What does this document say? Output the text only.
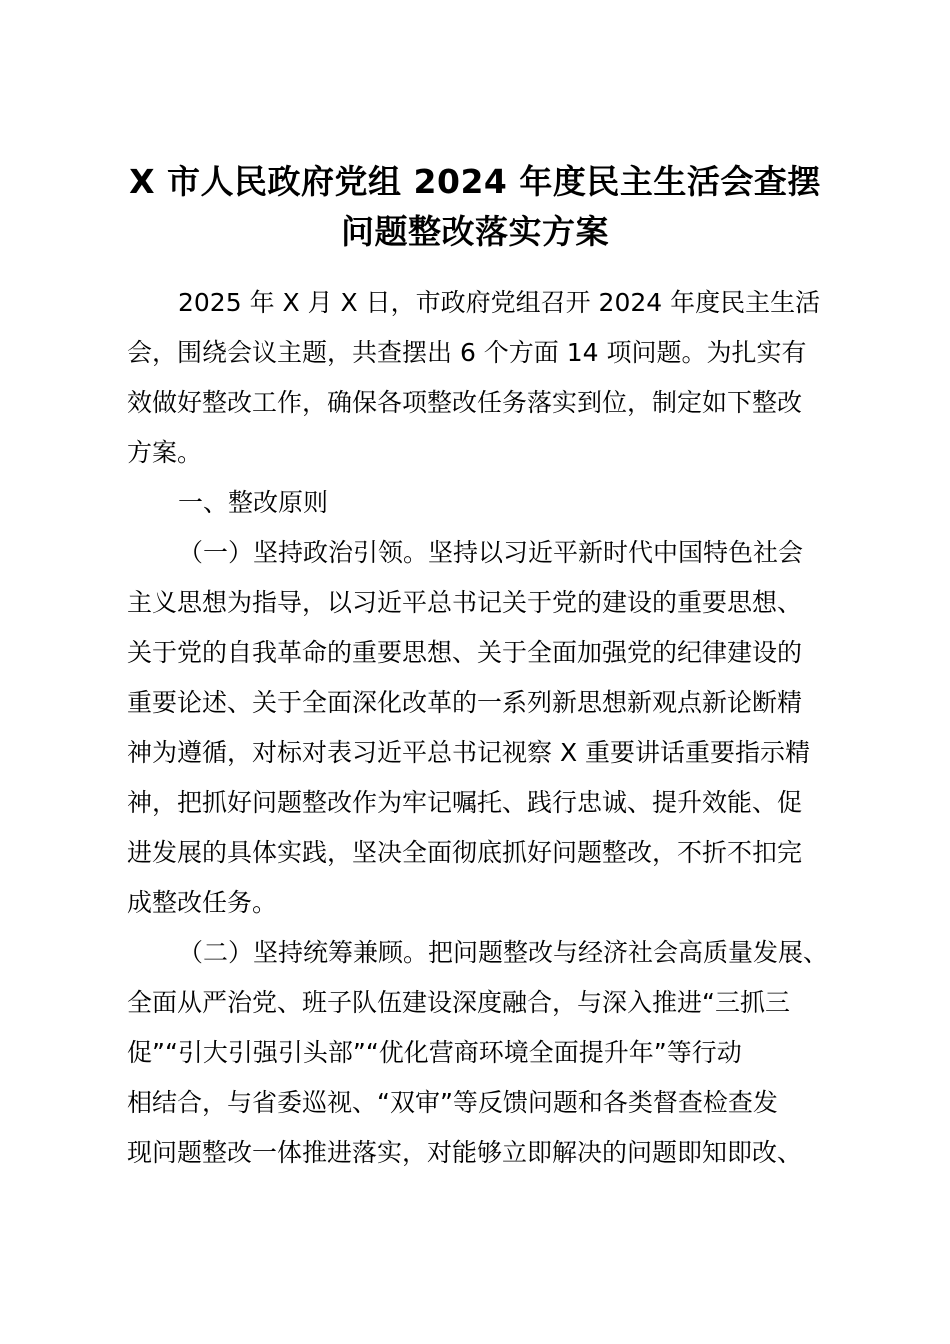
X 市人民政府党组 2024 年度民主生活会查摆
问题整改落实方案

2025 年 X 月 X 日，市政府党组召开 2024 年度民主生活

会，围绕会议主题，共查摆出 6 个方面 14 项问题。为扎实有

效做好整改工作，确保各项整改任务落实到位，制定如下整改

方案。

一、整改原则

（一）坚持政治引领。坚持以习近平新时代中国特色社会

主义思想为指导，以习近平总书记关于党的建设的重要思想、

关于党的自我革命的重要思想、关于全面加强党的纪律建设的

重要论述、关于全面深化改革的一系列新思想新观点新论断精

神为遵循，对标对表习近平总书记视察 X 重要讲话重要指示精

神，把抓好问题整改作为牢记嘱托、践行忠诚、提升效能、促

进发展的具体实践，坚决全面彻底抓好问题整改，不折不扣完

成整改任务。

（二）坚持统筹兼顾。把问题整改与经济社会高质量发展、

全面从严治党、班子队伍建设深度融合，与深入推进“三抓三

促”“引大引强引头部”“优化营商环境全面提升年”等行动

相结合，与省委巡视、“双审”等反馈问题和各类督查检查发

现问题整改一体推进落实，对能够立即解决的问题即知即改、
